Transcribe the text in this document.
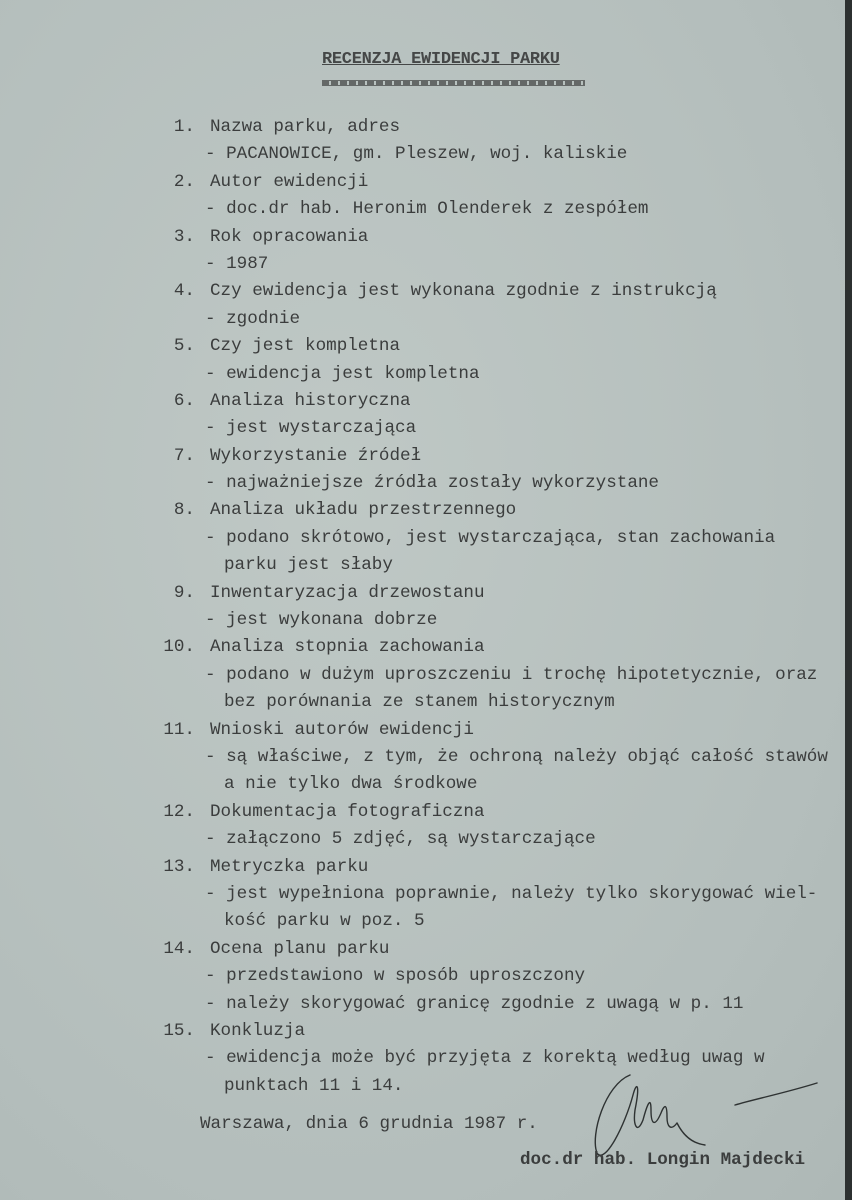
RECENZJA EWIDENCJI PARKU
1. Nazwa parku, adres
- PACANOWICE, gm. Pleszew, woj. kaliskie
2. Autor ewidencji
- doc.dr hab. Heronim Olenderek z zespółem
3. Rok opracowania
- 1987
4. Czy ewidencja jest wykonana zgodnie z instrukcją
- zgodnie
5. Czy jest kompletna
- ewidencja jest kompletna
6. Analiza historyczna
- jest wystarczająca
7. Wykorzystanie źródeł
- najważniejsze źródła zostały wykorzystane
8. Analiza układu przestrzennego
- podano skrótowo, jest wystarczająca, stan zachowania
parku jest słaby
9. Inwentaryzacja drzewostanu
- jest wykonana dobrze
10. Analiza stopnia zachowania
- podano w dużym uproszczeniu i trochę hipotetycznie, oraz
bez porównania ze stanem historycznym
11. Wnioski autorów ewidencji
- są właściwe, z tym, że ochroną należy objąć całość stawów
a nie tylko dwa środkowe
12. Dokumentacja fotograficzna
- załączono 5 zdjęć, są wystarczające
13. Metryczka parku
- jest wypełniona poprawnie, należy tylko skorygować wiel-
kość parku w poz. 5
14. Ocena planu parku
- przedstawiono w sposób uproszczony
- należy skorygować granicę zgodnie z uwagą w p. 11
15. Konkluzja
- ewidencja może być przyjęta z korektą według uwag w
punktach 11 i 14.
Warszawa, dnia 6 grudnia 1987 r.
doc.dr hab. Longin Majdecki
